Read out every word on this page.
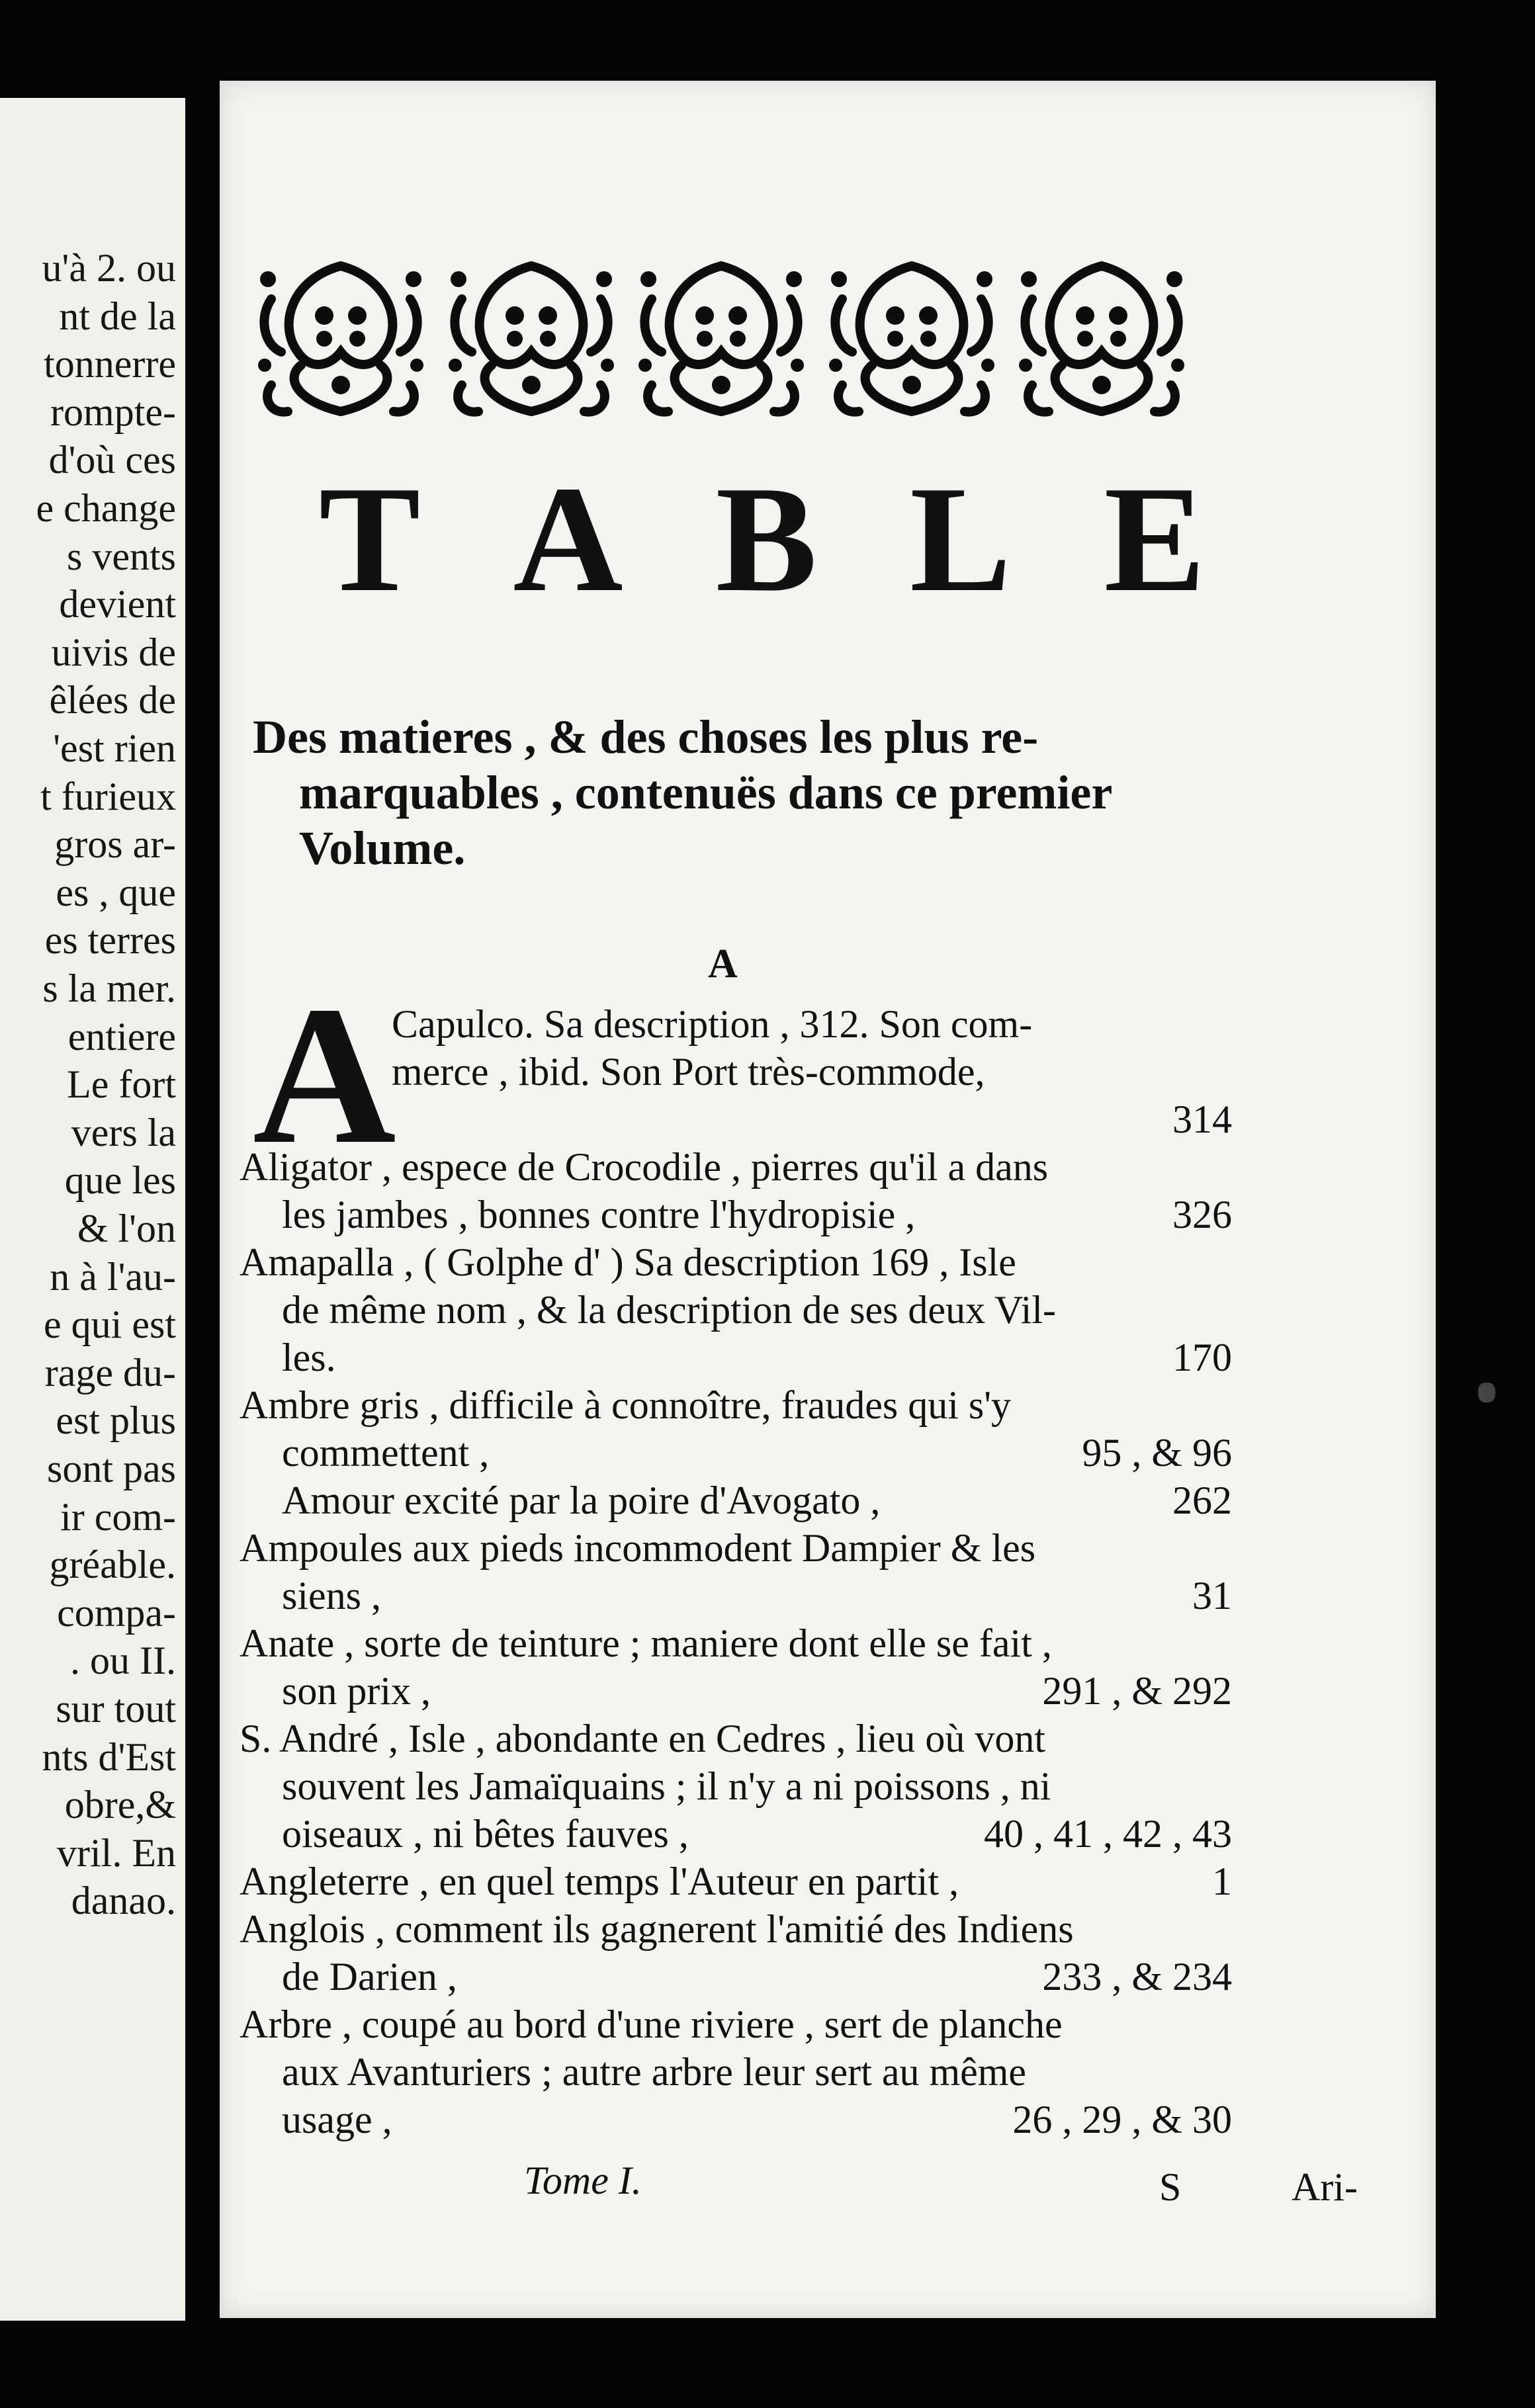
u'à 2. ou
nt de la
tonnerre
rompte-
d'où ces
e change
s vents
devient
uivis de
êlées de
'est rien
t furieux
gros ar-
es , que
es terres
s la mer.
entiere
Le fort
vers la
que les
& l'on
n à l'au-
e qui est
rage du-
est plus
sont pas
ir com-
gréable.
compa-
. ou II.
sur tout
nts d'Est
obre,&
vril. En
danao.
T A B L E
Des matieres , & des choses les plus re-
marquables , contenuës dans ce premier
Volume.
A
A
Capulco. Sa description , 312. Son com-
merce , ibid. Son Port très-commode,
314
Aligator , espece de Crocodile , pierres qu'il a dans
les jambes , bonnes contre l'hydropisie ,	326
Amapalla , ( Golphe d' ) Sa description 169 , Isle
de même nom , & la description de ses deux Vil-
les.	170
Ambre gris , difficile à connoître, fraudes qui s'y
commettent ,	95 , & 96
Amour excité par la poire d'Avogato ,	262
Ampoules aux pieds incommodent Dampier & les
siens ,	31
Anate , sorte de teinture ; maniere dont elle se fait ,
son prix ,	291 , & 292
S. André , Isle , abondante en Cedres , lieu où vont
souvent les Jamaïquains ; il n'y a ni poissons , ni
oiseaux , ni bêtes fauves ,	40 , 41 , 42 , 43
Angleterre , en quel temps l'Auteur en partit ,	1
Anglois , comment ils gagnerent l'amitié des Indiens
de Darien ,	233 , & 234
Arbre , coupé au bord d'une riviere , sert de planche
aux Avanturiers ; autre arbre leur sert au même
usage ,	26 , 29 , & 30
Tome I.	S	Ari-
